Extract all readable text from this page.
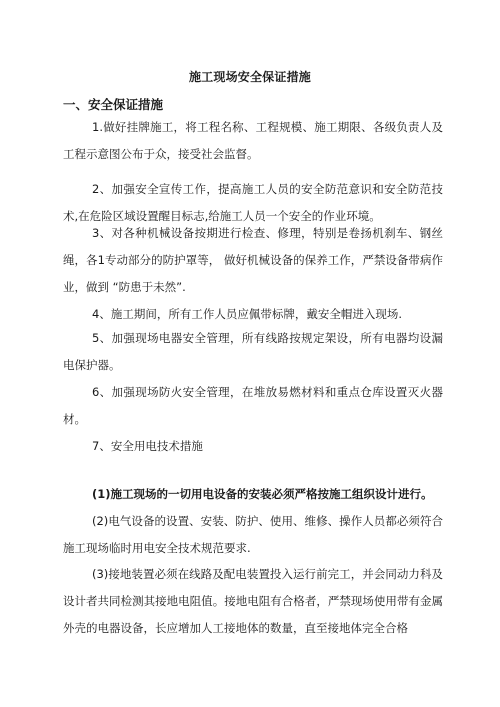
施工现场安全保证措施
一、安全保证措施
1.做好挂牌施工，将工程名称、工程规模、施工期限、各级负责人及工程示意图公布于众，接受社会监督。
2、加强安全宣传工作，提高施工人员的安全防范意识和安全防范技术,在危险区域设置醒目标志,给施工人员一个安全的作业环境。
3、对各种机械设备按期进行检查、修理，特别是卷扬机刹车、钢丝绳，各1专动部分的防护罩等， 做好机械设备的保养工作，严禁设备带病作业，做到 “防患于未然”.
4、施工期间，所有工作人员应佩带标牌，戴安全帽进入现场.
5、加强现场电器安全管理，所有线路按规定架设，所有电器均设漏电保护器。
6、加强现场防火安全管理，在堆放易燃材料和重点仓库设置灭火器材。
7、安全用电技术措施
(1)施工现场的一切用电设备的安装必须严格按施工组织设计进行。
(2)电气设备的设置、安装、防护、使用、维修、操作人员都必须符合施工现场临时用电安全技术规范要求.
(3)接地装置必须在线路及配电装置投入运行前完工，并会同动力科及设计者共同检测其接地电阻值。接地电阻有合格者，严禁现场使用带有金属外壳的电器设备，长应增加人工接地体的数量，直至接地体完全合格
